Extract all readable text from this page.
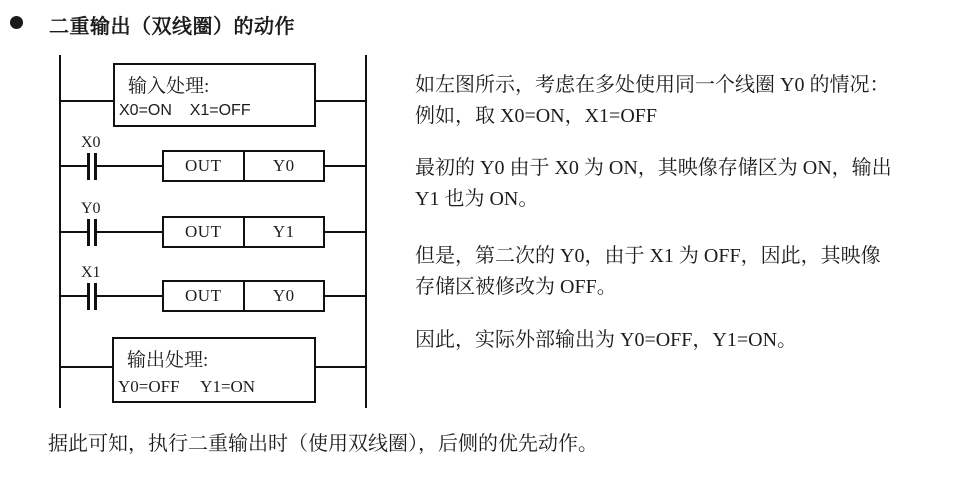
二重输出（双线圈）的动作
输入处理:
X0=ON    X1=OFF
X0
OUT	Y0
Y0
OUT	Y1
X1
OUT	Y0
输出处理:
Y0=OFF     Y1=ON
如左图所示，考虑在多处使用同一个线圈 Y0 的情况：
例如，取 X0=ON，X1=OFF
最初的 Y0 由于 X0 为 ON，其映像存储区为 ON，输出
Y1 也为 ON。
但是，第二次的 Y0，由于 X1 为 OFF，因此，其映像
存储区被修改为 OFF。
因此，实际外部输出为 Y0=OFF，Y1=ON。
据此可知，执行二重输出时（使用双线圈），后侧的优先动作。
